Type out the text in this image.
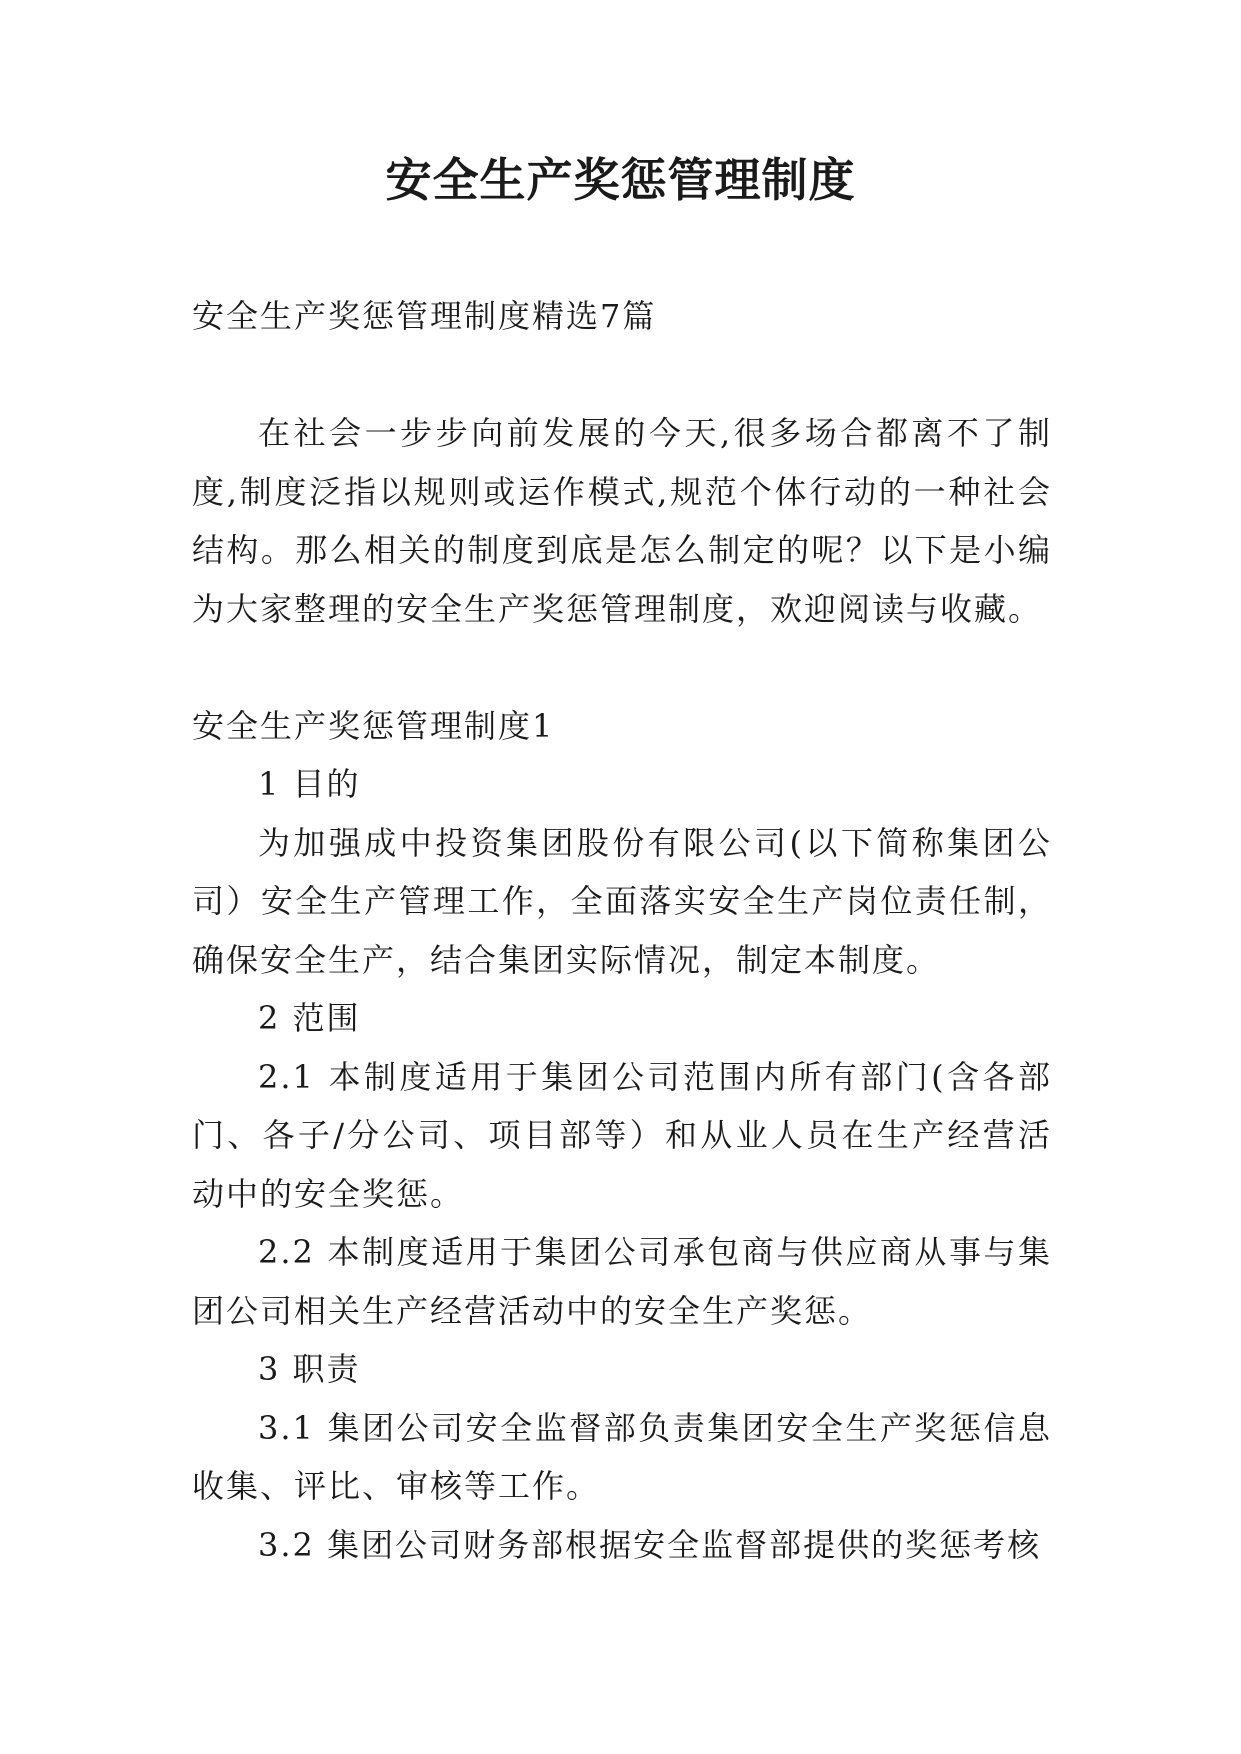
安全生产奖惩管理制度

安全生产奖惩管理制度精选7篇

在社会一步步向前发展的今天,很多场合都离不了制度,制度泛指以规则或运作模式,规范个体行动的一种社会结构。那么相关的制度到底是怎么制定的呢？以下是小编为大家整理的安全生产奖惩管理制度，欢迎阅读与收藏。

安全生产奖惩管理制度1

1 目的

为加强成中投资集团股份有限公司(以下简称集团公司）安全生产管理工作，全面落实安全生产岗位责任制，确保安全生产，结合集团实际情况，制定本制度。

2 范围

2.1 本制度适用于集团公司范围内所有部门(含各部门、各子/分公司、项目部等）和从业人员在生产经营活动中的安全奖惩。

2.2 本制度适用于集团公司承包商与供应商从事与集团公司相关生产经营活动中的安全生产奖惩。

3 职责

3.1 集团公司安全监督部负责集团安全生产奖惩信息收集、评比、审核等工作。

3.2 集团公司财务部根据安全监督部提供的奖惩考核
